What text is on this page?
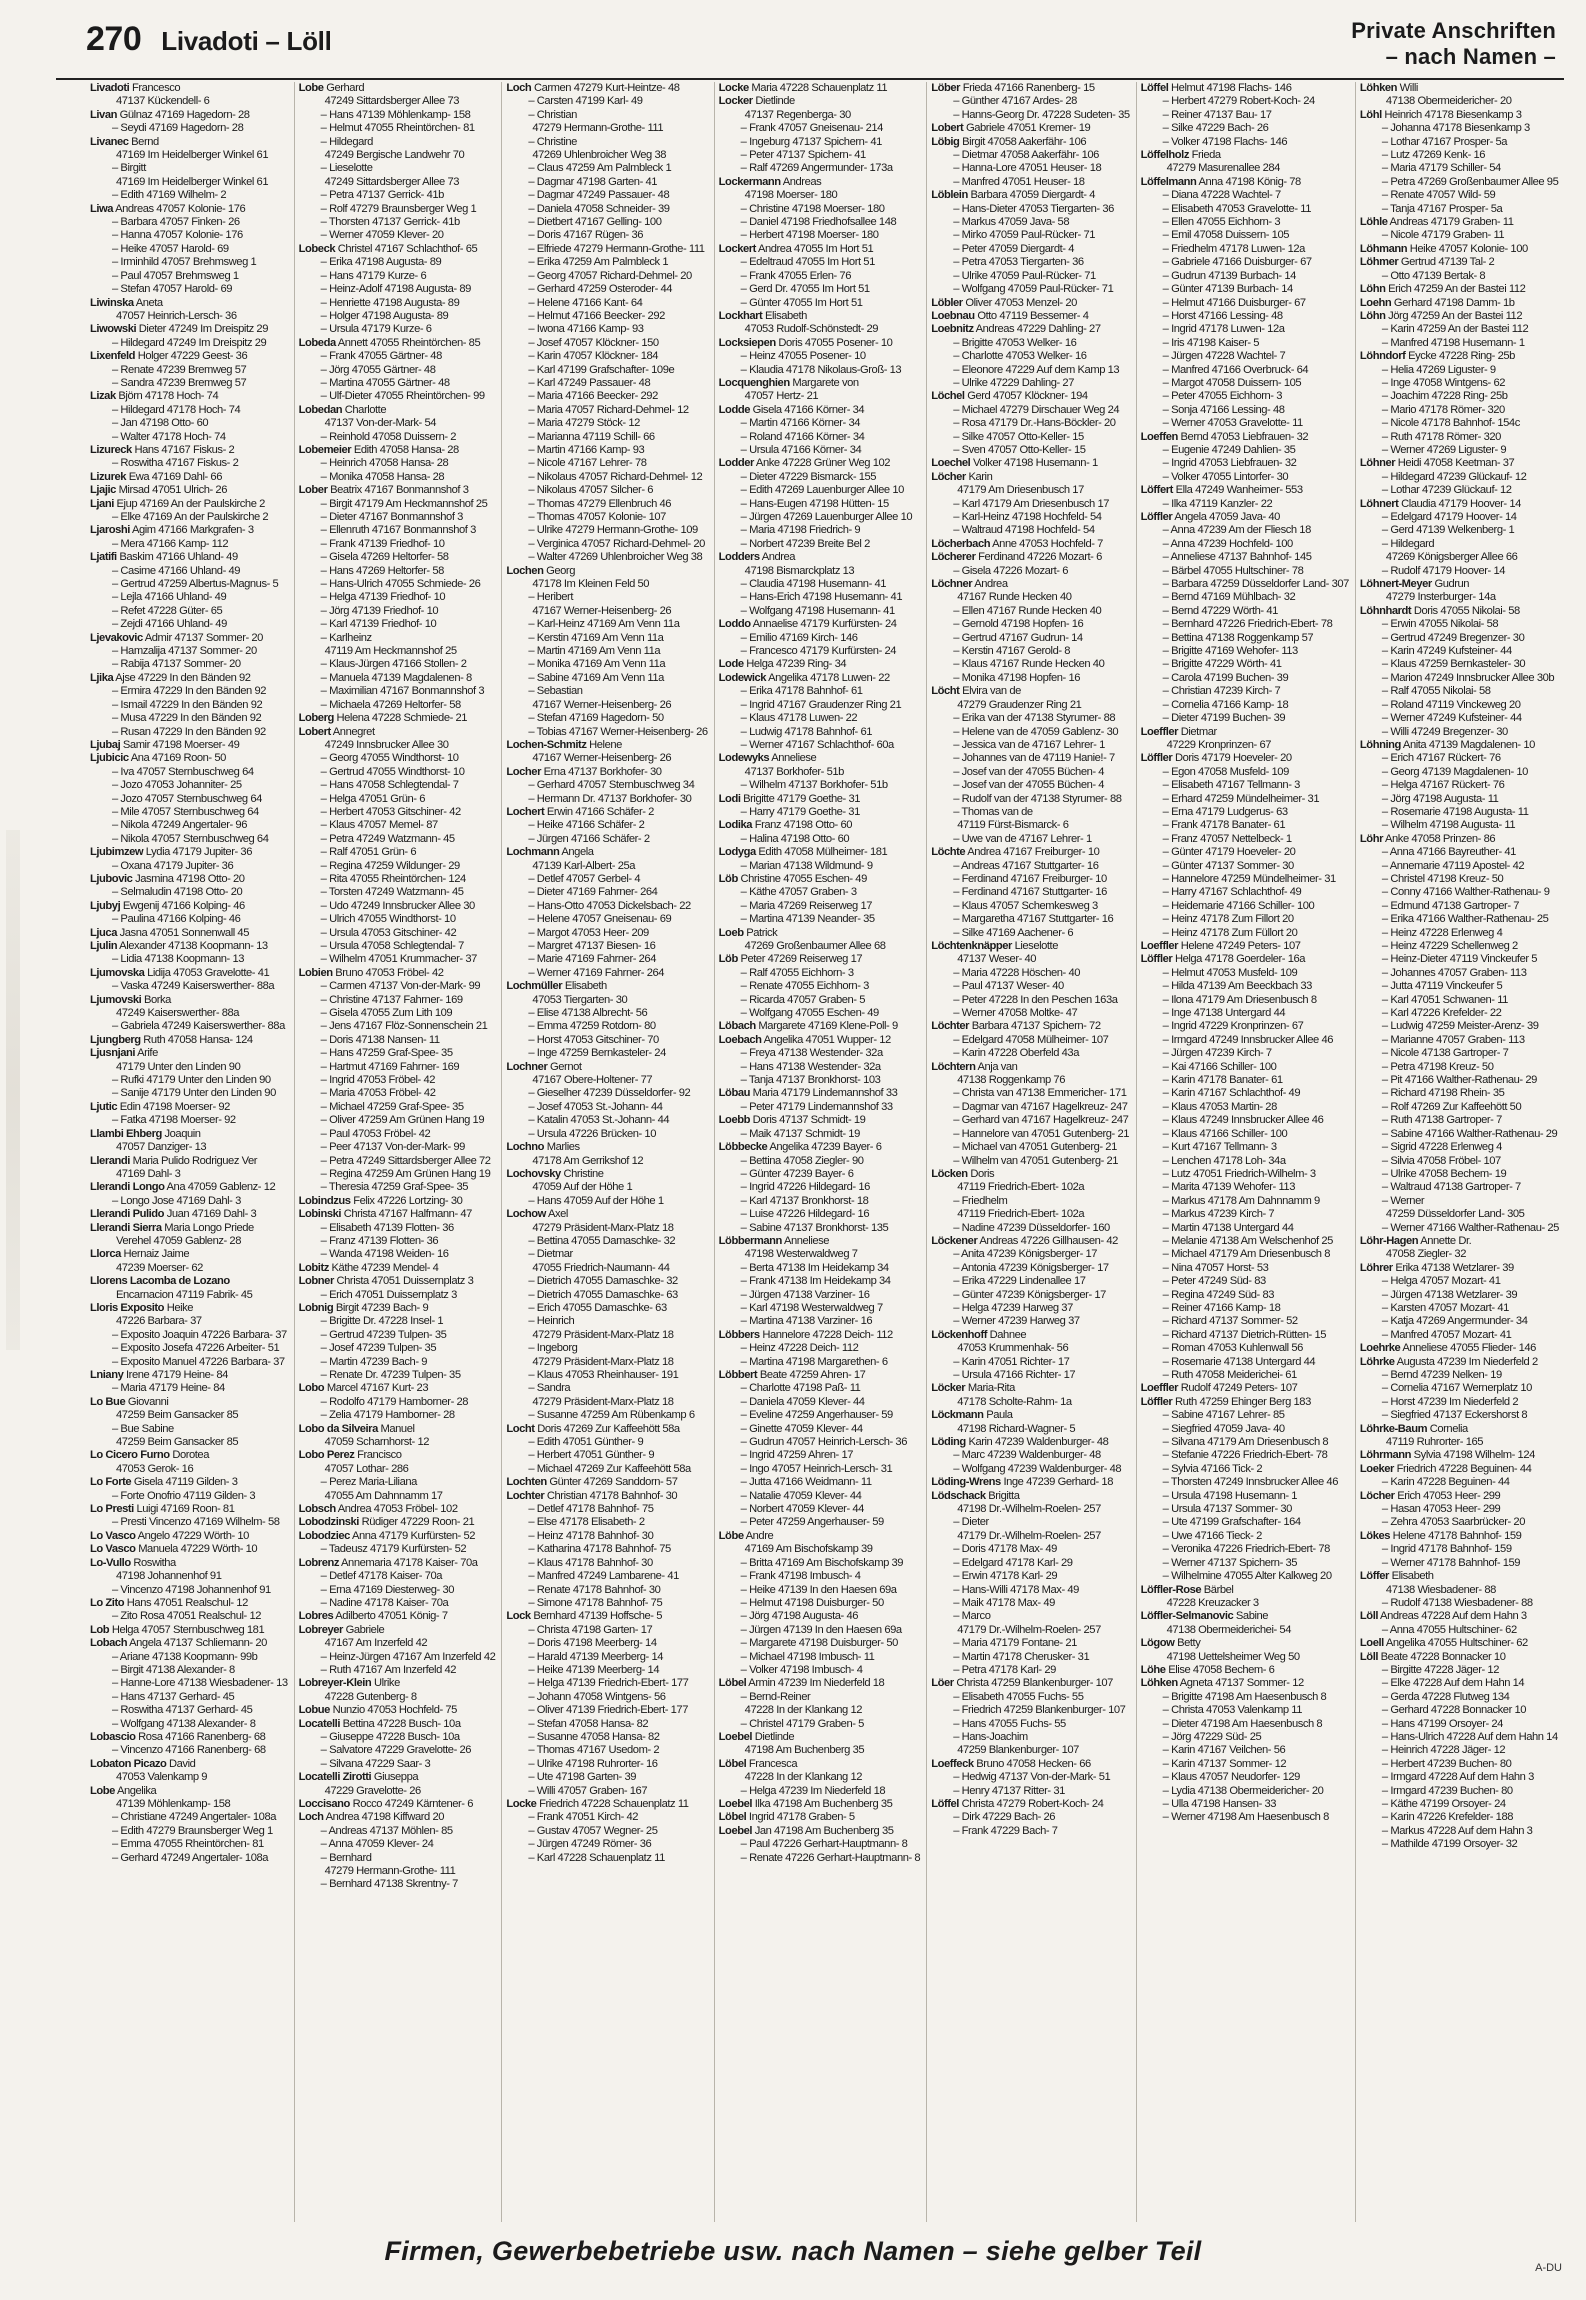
270 Livadoti – Löll	Private Anschriften
– nach Namen –
Livadoti Francesco
47137 Kückendell- 6
Livan Gülnaz 47169 Hagedorn- 28
– Seydi 47169 Hagedorn- 28
Livanec Bernd
47169 Im Heidelberger Winkel 61
– Birgitt
47169 Im Heidelberger Winkel 61
– Edith 47169 Wilhelm- 2
Liwa Andreas 47057 Kolonie- 176
– Barbara 47057 Finken- 26
– Hanna 47057 Kolonie- 176
– Heike 47057 Harold- 69
– Irminhild 47057 Brehmsweg 1
– Paul 47057 Brehmsweg 1
– Stefan 47057 Harold- 69
Liwinska Aneta
47057 Heinrich-Lersch- 36
Liwowski Dieter 47249 Im Dreispitz 29
– Hildegard 47249 Im Dreispitz 29
Lixenfeld Holger 47229 Geest- 36
– Renate 47239 Bremweg 57
– Sandra 47239 Bremweg 57
Lizak Björn 47178 Hoch- 74
– Hildegard 47178 Hoch- 74
– Jan 47198 Otto- 60
– Walter 47178 Hoch- 74
Lizureck Hans 47167 Fiskus- 2
– Roswitha 47167 Fiskus- 2
Lizurek Ewa 47169 Dahl- 66
Ljajic Mirsad 47051 Ulrich- 26
Ljani Ejup 47169 An der Paulskirche 2
– Elke 47169 An der Paulskirche 2
Ljaroshi Agim 47166 Markgrafen- 3
– Mera 47166 Kamp- 112
Ljatifi Baskim 47166 Uhland- 49
– Casime 47166 Uhland- 49
– Gertrud 47259 Albertus-Magnus- 5
– Lejla 47166 Uhland- 49
– Refet 47228 Güter- 65
– Zejdi 47166 Uhland- 49
Ljevakovic Admir 47137 Sommer- 20
– Hamzalija 47137 Sommer- 20
– Rabija 47137 Sommer- 20
Ljika Ajse 47229 In den Bänden 92
– Ermira 47229 In den Bänden 92
– Ismail 47229 In den Bänden 92
– Musa 47229 In den Bänden 92
– Rusan 47229 In den Bänden 92
Ljubaj Samir 47198 Moerser- 49
Ljubicic Ana 47169 Roon- 50
– Iva 47057 Sternbuschweg 64
– Jozo 47053 Johanniter- 25
– Jozo 47057 Sternbuschweg 64
– Mile 47057 Sternbuschweg 64
– Nikola 47249 Angertaler- 96
– Nikola 47057 Sternbuschweg 64
Ljubimzew Lydia 47179 Jupiter- 36
– Oxana 47179 Jupiter- 36
Ljubovic Jasmina 47198 Otto- 20
– Selmaludin 47198 Otto- 20
Ljubyj Ewgenij 47166 Kolping- 46
– Paulina 47166 Kolping- 46
Ljuca Jasna 47051 Sonnenwall 45
Ljulin Alexander 47138 Koopmann- 13
– Lidia 47138 Koopmann- 13
Ljumovska Lidija 47053 Gravelotte- 41
– Vaska 47249 Kaiserswerther- 88a
Ljumovski Borka
47249 Kaiserswerther- 88a
– Gabriela 47249 Kaiserswerther- 88a
Ljungberg Ruth 47058 Hansa- 124
Ljusnjani Arife
47179 Unter den Linden 90
– Rufki 47179 Unter den Linden 90
– Sanije 47179 Unter den Linden 90
Ljutic Edin 47198 Moerser- 92
– Fatka 47198 Moerser- 92
Llambi Ehberg Joaquin
47057 Danziger- 13
Llerandi Maria Pulido Rodriguez Ver
47169 Dahl- 3
Llerandi Longo Ana 47059 Gablenz- 12
– Longo Jose 47169 Dahl- 3
Llerandi Pulido Juan 47169 Dahl- 3
Llerandi Sierra Maria Longo Priede
Verehel 47059 Gablenz- 28
Llorca Hernaiz Jaime
47239 Moerser- 62
Llorens Lacomba de Lozano
Encarnacion 47119 Fabrik- 45
Lloris Exposito Heike
47226 Barbara- 37
– Exposito Joaquin 47226 Barbara- 37
– Exposito Josefa 47226 Arbeiter- 51
– Exposito Manuel 47226 Barbara- 37
Lniany Irene 47179 Heine- 84
– Maria 47179 Heine- 84
Lo Bue Giovanni
47259 Beim Gansacker 85
– Bue Sabine
47259 Beim Gansacker 85
Lo Cicero Furno Dorotea
47053 Gerok- 16
Lo Forte Gisela 47119 Gilden- 3
– Forte Onofrio 47119 Gilden- 3
Lo Presti Luigi 47169 Roon- 81
– Presti Vincenzo 47169 Wilhelm- 58
Lo Vasco Angelo 47229 Wörth- 10
Lo Vasco Manuela 47229 Wörth- 10
Lo-Vullo Roswitha
47198 Johannenhof 91
– Vincenzo 47198 Johannenhof 91
Lo Zito Hans 47051 Realschul- 12
– Zito Rosa 47051 Realschul- 12
Lob Helga 47057 Sternbuschweg 181
Lobach Angela 47137 Schliemann- 20
– Ariane 47138 Koopmann- 99b
– Birgit 47138 Alexander- 8
– Hanne-Lore 47138 Wiesbadener- 13
– Hans 47137 Gerhard- 45
– Roswitha 47137 Gerhard- 45
– Wolfgang 47138 Alexander- 8
Lobascio Rosa 47166 Ranenberg- 68
– Vincenzo 47166 Ranenberg- 68
Lobaton Picazo David
47053 Valenkamp 9
Lobe Angelika
47139 Möhlenkamp- 158
– Christiane 47249 Angertaler- 108a
– Edith 47279 Braunsberger Weg 1
– Emma 47055 Rheintörchen- 81
– Gerhard 47249 Angertaler- 108a
Lobe Gerhard
47249 Sittardsberger Allee 73
– Hans 47139 Möhlenkamp- 158
– Helmut 47055 Rheintörchen- 81
– Hildegard
47249 Bergische Landwehr 70
– Lieselotte
47249 Sittardsberger Allee 73
– Petra 47137 Gerrick- 41b
– Rolf 47279 Braunsberger Weg 1
– Thorsten 47137 Gerrick- 41b
– Werner 47059 Klever- 20
Lobeck Christel 47167 Schlachthof- 65
– Erika 47198 Augusta- 89
– Hans 47179 Kurze- 6
– Heinz-Adolf 47198 Augusta- 89
– Henriette 47198 Augusta- 89
– Holger 47198 Augusta- 89
– Ursula 47179 Kurze- 6
Lobeda Annett 47055 Rheintörchen- 85
– Frank 47055 Gärtner- 48
– Jörg 47055 Gärtner- 48
– Martina 47055 Gärtner- 48
– Ulf-Dieter 47055 Rheintörchen- 99
Lobedan Charlotte
47137 Von-der-Mark- 54
– Reinhold 47058 Duissern- 2
Lobemeier Edith 47058 Hansa- 28
– Heinrich 47058 Hansa- 28
– Monika 47058 Hansa- 28
Lober Beatrix 47167 Bonmannshof 3
– Birgit 47179 Am Heckmannshof 25
– Dieter 47167 Bonmannshof 3
– Ellenruth 47167 Bonmannshof 3
– Frank 47139 Friedhof- 10
– Gisela 47269 Heltorfer- 58
– Hans 47269 Heltorfer- 58
– Hans-Ulrich 47055 Schmiede- 26
– Helga 47139 Friedhof- 10
– Jörg 47139 Friedhof- 10
– Karl 47139 Friedhof- 10
– Karlheinz
47119 Am Heckmannshof 25
– Klaus-Jürgen 47166 Stollen- 2
– Manuela 47139 Magdalenen- 8
– Maximilian 47167 Bonmannshof 3
– Michaela 47269 Heltorfer- 58
Loberg Helena 47228 Schmiede- 21
Lobert Annegret
47249 Innsbrucker Allee 30
– Georg 47055 Windthorst- 10
– Gertrud 47055 Windthorst- 10
– Hans 47058 Schlegtendal- 7
– Helga 47051 Grün- 6
– Herbert 47053 Gitschiner- 42
– Klaus 47057 Memel- 87
– Petra 47249 Watzmann- 45
– Ralf 47051 Grün- 6
– Regina 47259 Wildunger- 29
– Rita 47055 Rheintörchen- 124
– Torsten 47249 Watzmann- 45
– Udo 47249 Innsbrucker Allee 30
– Ulrich 47055 Windthorst- 10
– Ursula 47053 Gitschiner- 42
– Ursula 47058 Schlegtendal- 7
– Wilhelm 47051 Krummacher- 37
Lobien Bruno 47053 Fröbel- 42
– Carmen 47137 Von-der-Mark- 99
– Christine 47137 Fahrner- 169
– Gisela 47055 Zum Lith 109
– Jens 47167 Flöz-Sonnenschein 21
– Doris 47138 Nansen- 11
– Hans 47259 Graf-Spee- 35
– Hartmut 47169 Fahrner- 169
– Ingrid 47053 Fröbel- 42
– Maria 47053 Fröbel- 42
– Michael 47259 Graf-Spee- 35
– Oliver 47259 Am Grünen Hang 19
– Paul 47053 Fröbel- 42
– Peer 47137 Von-der-Mark- 99
– Petra 47249 Sittardsberger Allee 72
– Regina 47259 Am Grünen Hang 19
– Theresia 47259 Graf-Spee- 35
Lobindzus Felix 47226 Lortzing- 30
Lobinski Christa 47167 Halfmann- 47
– Elisabeth 47139 Flotten- 36
– Franz 47139 Flotten- 36
– Wanda 47198 Weiden- 16
Lobitz Käthe 47239 Mendel- 4
Lobner Christa 47051 Duissernplatz 3
– Erich 47051 Duissernplatz 3
Lobnig Birgit 47239 Bach- 9
– Brigitte Dr. 47228 Insel- 1
– Gertrud 47239 Tulpen- 35
– Josef 47239 Tulpen- 35
– Martin 47239 Bach- 9
– Renate Dr. 47239 Tulpen- 35
Lobo Marcel 47167 Kurt- 23
– Rodolfo 47179 Hamborner- 28
– Zelia 47179 Hamborner- 28
Lobo da Silveira Manuel
47059 Scharnhorst- 12
Lobo Perez Francisco
47057 Lothar- 286
– Perez Maria-Liliana
47055 Am Dahnnamm 17
Lobsch Andrea 47053 Fröbel- 102
Lobodzinski Rüdiger 47229 Roon- 21
Lobodziec Anna 47179 Kurfürsten- 52
– Tadeusz 47179 Kurfürsten- 52
Lobrenz Annemaria 47178 Kaiser- 70a
– Detlef 47178 Kaiser- 70a
– Erna 47169 Diesterweg- 30
– Nadine 47178 Kaiser- 70a
Lobres Adilberto 47051 König- 7
Lobreyer Gabriele
47167 Am Inzerfeld 42
– Heinz-Jürgen 47167 Am Inzerfeld 42
– Ruth 47167 Am Inzerfeld 42
Lobreyer-Klein Ulrike
47228 Gutenberg- 8
Lobue Nunzio 47053 Hochfeld- 75
Locatelli Bettina 47228 Busch- 10a
– Giuseppe 47228 Busch- 10a
– Salvatore 47229 Gravelotte- 26
– Silvana 47229 Saar- 3
Locatelli Zirotti Giuseppa
47229 Gravelotte- 26
Loccisano Rocco 47249 Kärntener- 6
Loch Andrea 47198 Kiffward 20
– Andreas 47137 Möhlen- 85
– Anna 47059 Klever- 24
– Bernhard
47279 Hermann-Grothe- 111
– Bernhard 47138 Skrentny- 7
Loch Carmen 47279 Kurt-Heintze- 48
– Carsten 47199 Karl- 49
– Christian
47279 Hermann-Grothe- 111
– Christine
47269 Uhlenbroicher Weg 38
– Claus 47259 Am Palmbleck 1
– Dagmar 47198 Garten- 41
– Dagmar 47249 Passauer- 48
– Daniela 47058 Schneider- 39
– Dietbert 47167 Gelling- 100
– Doris 47167 Rügen- 36
– Elfriede 47279 Hermann-Grothe- 111
– Erika 47259 Am Palmbleck 1
– Georg 47057 Richard-Dehmel- 20
– Gerhard 47259 Osteroder- 44
– Helene 47166 Kant- 64
– Helmut 47166 Beecker- 292
– Iwona 47166 Kamp- 93
– Josef 47057 Klöckner- 150
– Karin 47057 Klöckner- 184
– Karl 47199 Grafschafter- 109e
– Karl 47249 Passauer- 48
– Maria 47166 Beecker- 292
– Maria 47057 Richard-Dehmel- 12
– Maria 47279 Stöck- 12
– Marianna 47119 Schill- 66
– Martin 47166 Kamp- 93
– Nicole 47167 Lehrer- 78
– Nikolaus 47057 Richard-Dehmel- 12
– Nikolaus 47057 Silcher- 6
– Thomas 47279 Ellenbruch 46
– Thomas 47057 Kolonie- 107
– Ulrike 47279 Hermann-Grothe- 109
– Verginica 47057 Richard-Dehmel- 20
– Walter 47269 Uhlenbroicher Weg 38
Lochen Georg
47178 Im Kleinen Feld 50
– Heribert
47167 Werner-Heisenberg- 26
– Karl-Heinz 47169 Am Venn 11a
– Kerstin 47169 Am Venn 11a
– Martin 47169 Am Venn 11a
– Monika 47169 Am Venn 11a
– Sabine 47169 Am Venn 11a
– Sebastian
47167 Werner-Heisenberg- 26
– Stefan 47169 Hagedorn- 50
– Tobias 47167 Werner-Heisenberg- 26
Lochen-Schmitz Helene
47167 Werner-Heisenberg- 26
Locher Erna 47137 Borkhofer- 30
– Gerhard 47057 Sternbuschweg 34
– Hermann Dr. 47137 Borkhofer- 30
Lochert Erwin 47166 Schäfer- 2
– Heike 47166 Schäfer- 2
– Jürgen 47166 Schäfer- 2
Lochmann Angela
47139 Karl-Albert- 25a
– Detlef 47057 Gerbel- 4
– Dieter 47169 Fahrner- 264
– Hans-Otto 47053 Dickelsbach- 22
– Helene 47057 Gneisenau- 69
– Margot 47053 Heer- 209
– Margret 47137 Biesen- 16
– Marie 47169 Fahrner- 264
– Werner 47169 Fahrner- 264
Lochmüller Elisabeth
47053 Tiergarten- 30
– Elise 47138 Albrecht- 56
– Emma 47259 Rotdorn- 80
– Horst 47053 Gitschiner- 70
– Inge 47259 Bernkasteler- 24
Lochner Gernot
47167 Obere-Holtener- 77
– Gieselher 47239 Düsseldorfer- 92
– Josef 47053 St.-Johann- 44
– Katalin 47053 St.-Johann- 44
– Ursula 47226 Brücken- 10
Lochno Marlies
47178 Am Gerrikshof 12
Lochovsky Christine
47059 Auf der Höhe 1
– Hans 47059 Auf der Höhe 1
Lochow Axel
47279 Präsident-Marx-Platz 18
– Bettina 47055 Damaschke- 32
– Dietmar
47055 Friedrich-Naumann- 44
– Dietrich 47055 Damaschke- 32
– Dietrich 47055 Damaschke- 63
– Erich 47055 Damaschke- 63
– Heinrich
47279 Präsident-Marx-Platz 18
– Ingeborg
47279 Präsident-Marx-Platz 18
– Klaus 47053 Rheinhauser- 191
– Sandra
47279 Präsident-Marx-Platz 18
– Susanne 47259 Am Rübenkamp 6
Locht Doris 47269 Zur Kaffeehött 58a
– Edith 47051 Günther- 9
– Herbert 47051 Günther- 9
– Michael 47269 Zur Kaffeehött 58a
Lochten Günter 47269 Sanddorn- 57
Lochter Christian 47178 Bahnhof- 30
– Detlef 47178 Bahnhof- 75
– Else 47178 Elisabeth- 2
– Heinz 47178 Bahnhof- 30
– Katharina 47178 Bahnhof- 75
– Klaus 47178 Bahnhof- 30
– Manfred 47249 Lambarene- 41
– Renate 47178 Bahnhof- 30
– Simone 47178 Bahnhof- 75
Lock Bernhard 47139 Hoffsche- 5
– Christa 47198 Garten- 17
– Doris 47198 Meerberg- 14
– Harald 47139 Meerberg- 14
– Heike 47139 Meerberg- 14
– Helga 47139 Friedrich-Ebert- 177
– Johann 47058 Wintgens- 56
– Oliver 47139 Friedrich-Ebert- 177
– Stefan 47058 Hansa- 82
– Susanne 47058 Hansa- 82
– Thomas 47167 Usedom- 2
– Ulrike 47198 Ruhrorter- 16
– Ute 47198 Garten- 39
– Willi 47057 Graben- 167
Locke Friedrich 47228 Schauenplatz 11
– Frank 47051 Kirch- 42
– Gustav 47057 Wegner- 25
– Jürgen 47249 Römer- 36
– Karl 47228 Schauenplatz 11
Locke Maria 47228 Schauenplatz 11
Locker Dietlinde
47137 Regenberga- 30
– Frank 47057 Gneisenau- 214
– Ingeburg 47137 Spichern- 41
– Peter 47137 Spichern- 41
– Ralf 47269 Angermunder- 173a
Lockermann Andreas
47198 Moerser- 180
– Christine 47198 Moerser- 180
– Daniel 47198 Friedhofsallee 148
– Herbert 47198 Moerser- 180
Lockert Andrea 47055 Im Hort 51
– Edeltraud 47055 Im Hort 51
– Frank 47055 Erlen- 76
– Gerd Dr. 47055 Im Hort 51
– Günter 47055 Im Hort 51
Lockhart Elisabeth
47053 Rudolf-Schönstedt- 29
Locksiepen Doris 47055 Posener- 10
– Heinz 47055 Posener- 10
– Klaudia 47178 Nikolaus-Groß- 13
Locquenghien Margarete von
47057 Hertz- 21
Lodde Gisela 47166 Körner- 34
– Martin 47166 Körner- 34
– Roland 47166 Körner- 34
– Ursula 47166 Körner- 34
Lodder Anke 47228 Grüner Weg 102
– Dieter 47229 Bismarck- 155
– Edith 47269 Lauenburger Allee 10
– Hans-Eugen 47198 Hütten- 15
– Jürgen 47269 Lauenburger Allee 10
– Maria 47198 Friedrich- 9
– Norbert 47239 Breite Bel 2
Lodders Andrea
47198 Bismarckplatz 13
– Claudia 47198 Husemann- 41
– Hans-Erich 47198 Husemann- 41
– Wolfgang 47198 Husemann- 41
Loddo Annaelise 47179 Kurfürsten- 24
– Emilio 47169 Kirch- 146
– Francesco 47179 Kurfürsten- 24
Lode Helga 47239 Ring- 34
Lodewick Angelika 47178 Luwen- 22
– Erika 47178 Bahnhof- 61
– Ingrid 47167 Graudenzer Ring 21
– Klaus 47178 Luwen- 22
– Ludwig 47178 Bahnhof- 61
– Werner 47167 Schlachthof- 60a
Lodewyks Anneliese
47137 Borkhofer- 51b
– Wilhelm 47137 Borkhofer- 51b
Lodi Brigitte 47179 Goethe- 31
– Harry 47179 Goethe- 31
Lodika Franz 47198 Otto- 60
– Halina 47198 Otto- 60
Lodyga Edith 47058 Mülheimer- 181
– Marian 47138 Wildmund- 9
Löb Christine 47055 Eschen- 49
– Käthe 47057 Graben- 3
– Maria 47269 Reiserweg 17
– Martina 47139 Neander- 35
Loeb Patrick
47269 Großenbaumer Allee 68
Löb Peter 47269 Reiserweg 17
– Ralf 47055 Eichhorn- 3
– Renate 47055 Eichhorn- 3
– Ricarda 47057 Graben- 5
– Wolfgang 47055 Eschen- 49
Löbach Margarete 47169 Klene-Poll- 9
Loebach Angelika 47051 Wupper- 12
– Freya 47138 Westender- 32a
– Hans 47138 Westender- 32a
– Tanja 47137 Bronkhorst- 103
Löbau Maria 47179 Lindemannshof 33
– Peter 47179 Lindemannshof 33
Loebb Doris 47137 Schmidt- 19
– Maik 47137 Schmidt- 19
Löbbecke Angelika 47239 Bayer- 6
– Bettina 47058 Ziegler- 90
– Günter 47239 Bayer- 6
– Ingrid 47226 Hildegard- 16
– Karl 47137 Bronkhorst- 18
– Luise 47226 Hildegard- 16
– Sabine 47137 Bronkhorst- 135
Löbbermann Anneliese
47198 Westerwaldweg 7
– Berta 47138 Im Heidekamp 34
– Frank 47138 Im Heidekamp 34
– Jürgen 47138 Varziner- 16
– Karl 47198 Westerwaldweg 7
– Martina 47138 Varziner- 16
Löbbers Hannelore 47228 Deich- 112
– Heinz 47228 Deich- 112
– Martina 47198 Margarethen- 6
Löbbert Beate 47259 Ahren- 17
– Charlotte 47198 Paß- 11
– Daniela 47059 Klever- 44
– Eveline 47259 Angerhauser- 59
– Ginette 47059 Klever- 44
– Gudrun 47057 Heinrich-Lersch- 36
– Ingrid 47259 Ahren- 17
– Ingo 47057 Heinrich-Lersch- 31
– Jutta 47166 Weidmann- 11
– Natalie 47059 Klever- 44
– Norbert 47059 Klever- 44
– Peter 47259 Angerhauser- 59
Löbe Andre
47169 Am Bischofskamp 39
– Britta 47169 Am Bischofskamp 39
– Frank 47198 Imbusch- 4
– Heike 47139 In den Haesen 69a
– Helmut 47198 Duisburger- 50
– Jörg 47198 Augusta- 46
– Jürgen 47139 In den Haesen 69a
– Margarete 47198 Duisburger- 50
– Michael 47198 Imbusch- 11
– Volker 47198 Imbusch- 4
Löbel Armin 47239 Im Niederfeld 18
– Bernd-Reiner
47228 In der Klankang 12
– Christel 47179 Graben- 5
Loebel Dietlinde
47198 Am Buchenberg 35
Löbel Francesca
47228 In der Klankang 12
– Helga 47239 Im Niederfeld 18
Loebel Ilka 47198 Am Buchenberg 35
Löbel Ingrid 47178 Graben- 5
Loebel Jan 47198 Am Buchenberg 35
– Paul 47226 Gerhart-Hauptmann- 8
– Renate 47226 Gerhart-Hauptmann- 8
Löber Frieda 47166 Ranenberg- 15
– Günther 47167 Ardes- 28
– Hanns-Georg Dr. 47228 Sudeten- 35
Lobert Gabriele 47051 Kremer- 19
Löbig Birgit 47058 Aakerfähr- 106
– Dietmar 47058 Aakerfähr- 106
– Hanna-Lore 47051 Heuser- 18
– Manfred 47051 Heuser- 18
Löblein Barbara 47059 Diergardt- 4
– Hans-Dieter 47053 Tiergarten- 36
– Markus 47059 Java- 58
– Mirko 47059 Paul-Rücker- 71
– Peter 47059 Diergardt- 4
– Petra 47053 Tiergarten- 36
– Ulrike 47059 Paul-Rücker- 71
– Wolfgang 47059 Paul-Rücker- 71
Löbler Oliver 47053 Menzel- 20
Loebnau Otto 47119 Bessemer- 4
Loebnitz Andreas 47229 Dahling- 27
– Brigitte 47053 Welker- 16
– Charlotte 47053 Welker- 16
– Eleonore 47229 Auf dem Kamp 13
– Ulrike 47229 Dahling- 27
Löchel Gerd 47057 Klöckner- 194
– Michael 47279 Dirschauer Weg 24
– Rosa 47179 Dr.-Hans-Böckler- 20
– Silke 47057 Otto-Keller- 15
– Sven 47057 Otto-Keller- 15
Loechel Volker 47198 Husemann- 1
Löcher Karin
47179 Am Driesenbusch 17
– Karl 47179 Am Driesenbusch 17
– Karl-Heinz 47198 Hochfeld- 54
– Waltraud 47198 Hochfeld- 54
Löcherbach Anne 47053 Hochfeld- 7
Löcherer Ferdinand 47226 Mozart- 6
– Gisela 47226 Mozart- 6
Löchner Andrea
47167 Runde Hecken 40
– Ellen 47167 Runde Hecken 40
– Gernold 47198 Hopfen- 16
– Gertrud 47167 Gudrun- 14
– Kerstin 47167 Gerold- 8
– Klaus 47167 Runde Hecken 40
– Monika 47198 Hopfen- 16
Löcht Elvira van de
47279 Graudenzer Ring 21
– Erika van der 47138 Styrumer- 88
– Helene van de 47059 Gablenz- 30
– Jessica van de 47167 Lehrer- 1
– Johannes van de 47119 Hanie!- 7
– Josef van der 47055 Büchen- 4
– Josef van der 47055 Büchen- 4
– Rudolf van der 47138 Styrumer- 88
– Thomas van de
47119 Fürst-Bismarck- 6
– Uwe van de 47167 Lehrer- 1
Löchte Andrea 47167 Freiburger- 10
– Andreas 47167 Stuttgarter- 16
– Ferdinand 47167 Freiburger- 10
– Ferdinand 47167 Stuttgarter- 16
– Klaus 47057 Schemkesweg 3
– Margaretha 47167 Stuttgarter- 16
– Silke 47169 Aachener- 6
Löchtenknäpper Lieselotte
47137 Weser- 40
– Maria 47228 Höschen- 40
– Paul 47137 Weser- 40
– Peter 47228 In den Peschen 163a
– Werner 47058 Moltke- 47
Löchter Barbara 47137 Spichern- 72
– Edelgard 47058 Mülheimer- 107
– Karin 47228 Oberfeld 43a
Löchtern Anja van
47138 Roggenkamp 76
– Christa van 47138 Emmericher- 171
– Dagmar van 47167 Hagelkreuz- 247
– Gerhard van 47167 Hagelkreuz- 247
– Hannelore van 47051 Gutenberg- 21
– Michael van 47051 Gutenberg- 21
– Wilhelm van 47051 Gutenberg- 21
Löcken Doris
47119 Friedrich-Ebert- 102a
– Friedhelm
47119 Friedrich-Ebert- 102a
– Nadine 47239 Düsseldorfer- 160
Löckener Andreas 47226 Gillhausen- 42
– Anita 47239 Königsberger- 17
– Antonia 47239 Königsberger- 17
– Erika 47229 Lindenallee 17
– Günter 47239 Königsberger- 17
– Helga 47239 Harweg 37
– Werner 47239 Harweg 37
Löckenhoff Dahnee
47053 Krummenhak- 56
– Karin 47051 Richter- 17
– Ursula 47166 Richter- 17
Löcker Maria-Rita
47178 Scholte-Rahm- 1a
Löckmann Paula
47198 Richard-Wagner- 5
Löding Karin 47239 Waldenburger- 48
– Marc 47239 Waldenburger- 48
– Wolfgang 47239 Waldenburger- 48
Löding-Wrens Inge 47239 Gerhard- 18
Lödschack Brigitta
47198 Dr.-Wilhelm-Roelen- 257
– Dieter
47179 Dr.-Wilhelm-Roelen- 257
– Doris 47178 Max- 49
– Edelgard 47178 Karl- 29
– Erwin 47178 Karl- 29
– Hans-Willi 47178 Max- 49
– Maik 47178 Max- 49
– Marco
47179 Dr.-Wilhelm-Roelen- 257
– Maria 47179 Fontane- 21
– Martin 47178 Cherusker- 31
– Petra 47178 Karl- 29
Löer Christa 47259 Blankenburger- 107
– Elisabeth 47055 Fuchs- 55
– Friedrich 47259 Blankenburger- 107
– Hans 47055 Fuchs- 55
– Hans-Joachim
47259 Blankenburger- 107
Loeffeck Bruno 47058 Hecken- 66
– Hedwig 47137 Von-der-Mark- 51
– Henry 47137 Ritter- 31
Löffel Christa 47279 Robert-Koch- 24
– Dirk 47229 Bach- 26
– Frank 47229 Bach- 7
Löffel Helmut 47198 Flachs- 146
– Herbert 47279 Robert-Koch- 24
– Reiner 47137 Bau- 17
– Silke 47229 Bach- 26
– Volker 47198 Flachs- 146
Löffelholz Frieda
47279 Masurenallee 284
Löffelmann Anna 47198 König- 78
– Diana 47228 Wachtel- 7
– Elisabeth 47053 Gravelotte- 11
– Ellen 47055 Eichhorn- 3
– Emil 47058 Duissern- 105
– Friedhelm 47178 Luwen- 12a
– Gabriele 47166 Duisburger- 67
– Gudrun 47139 Burbach- 14
– Günter 47139 Burbach- 14
– Helmut 47166 Duisburger- 67
– Horst 47166 Lessing- 48
– Ingrid 47178 Luwen- 12a
– Iris 47198 Kaiser- 5
– Jürgen 47228 Wachtel- 7
– Manfred 47166 Overbruck- 64
– Margot 47058 Duissern- 105
– Peter 47055 Eichhorn- 3
– Sonja 47166 Lessing- 48
– Werner 47053 Gravelotte- 11
Loeffen Bernd 47053 Liebfrauen- 32
– Eugenie 47249 Dahlien- 35
– Ingrid 47053 Liebfrauen- 32
– Volker 47055 Lintorfer- 30
Löffert Ella 47249 Wanheimer- 553
– Ilka 47119 Kanzler- 22
Löffler Angela 47059 Java- 40
– Anna 47239 Am der Fliesch 18
– Anna 47239 Hochfeld- 100
– Anneliese 47137 Bahnhof- 145
– Bärbel 47055 Hultschiner- 78
– Barbara 47259 Düsseldorfer Land- 307
– Bernd 47169 Mühlbach- 32
– Bernd 47229 Wörth- 41
– Bernhard 47226 Friedrich-Ebert- 78
– Bettina 47138 Roggenkamp 57
– Brigitte 47169 Wehofer- 113
– Brigitte 47229 Wörth- 41
– Carola 47199 Buchen- 39
– Christian 47239 Kirch- 7
– Cornelia 47166 Kamp- 18
– Dieter 47199 Buchen- 39
Loeffler Dietmar
47229 Kronprinzen- 67
Löffler Doris 47179 Hoeveler- 20
– Egon 47058 Musfeld- 109
– Elisabeth 47167 Tellmann- 3
– Erhard 47259 Mündelheimer- 31
– Erna 47179 Ludgerus- 63
– Frank 47178 Banater- 61
– Franz 47057 Nettelbeck- 1
– Günter 47179 Hoeveler- 20
– Günter 47137 Sommer- 30
– Hannelore 47259 Mündelheimer- 31
– Harry 47167 Schlachthof- 49
– Heidemarie 47166 Schiller- 100
– Heinz 47178 Zum Fillort 20
– Heinz 47178 Zum Füllort 20
Loeffler Helene 47249 Peters- 107
Löffler Helga 47178 Goerdeler- 16a
– Helmut 47053 Musfeld- 109
– Hilda 47139 Am Beeckbach 33
– Ilona 47179 Am Driesenbusch 8
– Inge 47138 Untergard 44
– Ingrid 47229 Kronprinzen- 67
– Irmgard 47249 Innsbrucker Allee 46
– Jürgen 47239 Kirch- 7
– Kai 47166 Schiller- 100
– Karin 47178 Banater- 61
– Karin 47167 Schlachthof- 49
– Klaus 47053 Martin- 28
– Klaus 47249 Innsbrucker Allee 46
– Klaus 47166 Schiller- 100
– Kurt 47167 Tellmann- 3
– Lenchen 47178 Loh- 34a
– Lutz 47051 Friedrich-Wilhelm- 3
– Marita 47139 Wehofer- 113
– Markus 47178 Am Dahnnamm 9
– Markus 47239 Kirch- 7
– Martin 47138 Untergard 44
– Melanie 47138 Am Welschenhof 25
– Michael 47179 Am Driesenbusch 8
– Nina 47057 Horst- 53
– Peter 47249 Süd- 83
– Regina 47249 Süd- 83
– Reiner 47166 Kamp- 18
– Richard 47137 Sommer- 52
– Richard 47137 Dietrich-Rütten- 15
– Roman 47053 Kuhlenwall 56
– Rosemarie 47138 Untergard 44
– Ruth 47058 Meiderichei- 61
Loeffler Rudolf 47249 Peters- 107
Löffler Ruth 47259 Ehinger Berg 183
– Sabine 47167 Lehrer- 85
– Siegfried 47059 Java- 40
– Silvana 47179 Am Driesenbusch 8
– Stefanie 47226 Friedrich-Ebert- 78
– Sylvia 47166 Tick- 2
– Thorsten 47249 Innsbrucker Allee 46
– Ursula 47198 Husemann- 1
– Ursula 47137 Sommer- 30
– Ute 47199 Grafschafter- 164
– Uwe 47166 Tieck- 2
– Veronika 47226 Friedrich-Ebert- 78
– Werner 47137 Spichern- 35
– Wilhelmine 47055 Alter Kalkweg 20
Löffler-Rose Bärbel
47228 Kreuzacker 3
Löffler-Selmanovic Sabine
47138 Obermeiderichei- 54
Lögow Betty
47198 Uettelsheimer Weg 50
Löhe Elise 47058 Bechem- 6
Löhken Agneta 47137 Sommer- 12
– Brigitte 47198 Am Haesenbusch 8
– Christa 47053 Valenkamp 11
– Dieter 47198 Am Haesenbusch 8
– Jörg 47229 Süd- 25
– Karin 47167 Veilchen- 56
– Karin 47137 Sommer- 12
– Klaus 47057 Neudorfer- 129
– Lydia 47138 Obermeidericher- 20
– Ulla 47198 Hansen- 33
– Werner 47198 Am Haesenbusch 8
Löhken Willi
47138 Obermeidericher- 20
Löhl Heinrich 47178 Biesenkamp 3
– Johanna 47178 Biesenkamp 3
– Lothar 47167 Prosper- 5a
– Lutz 47269 Kenk- 16
– Maria 47179 Schiller- 54
– Petra 47269 Großenbaumer Allee 95
– Renate 47057 Wild- 59
– Tanja 47167 Prosper- 5a
Löhle Andreas 47179 Graben- 11
– Nicole 47179 Graben- 11
Löhmann Heike 47057 Kolonie- 100
Löhmer Gertrud 47139 Tal- 2
– Otto 47139 Bertak- 8
Löhn Erich 47259 An der Bastei 112
Loehn Gerhard 47198 Damm- 1b
Löhn Jörg 47259 An der Bastei 112
– Karin 47259 An der Bastei 112
– Manfred 47198 Husemann- 1
Löhndorf Eycke 47228 Ring- 25b
– Helia 47269 Liguster- 9
– Inge 47058 Wintgens- 62
– Joachim 47228 Ring- 25b
– Mario 47178 Römer- 320
– Nicole 47178 Bahnhof- 154c
– Ruth 47178 Römer- 320
– Werner 47269 Liguster- 9
Löhner Heidi 47058 Keetman- 37
– Hildegard 47239 Glückauf- 12
– Lothar 47239 Glückauf- 12
Löhnert Claudia 47179 Hoover- 14
– Edelgard 47179 Hoover- 14
– Gerd 47139 Welkenberg- 1
– Hildegard
47269 Königsberger Allee 66
– Rudolf 47179 Hoover- 14
Löhnert-Meyer Gudrun
47279 Insterburger- 14a
Löhnhardt Doris 47055 Nikolai- 58
– Erwin 47055 Nikolai- 58
– Gertrud 47249 Bregenzer- 30
– Karin 47249 Kufsteiner- 44
– Klaus 47259 Bernkasteler- 30
– Marion 47249 Innsbrucker Allee 30b
– Ralf 47055 Nikolai- 58
– Roland 47119 Vinckeweg 20
– Werner 47249 Kufsteiner- 44
– Willi 47249 Bregenzer- 30
Löhning Anita 47139 Magdalenen- 10
– Erich 47167 Rückert- 76
– Georg 47139 Magdalenen- 10
– Helga 47167 Rückert- 76
– Jörg 47198 Augusta- 11
– Rosemarie 47198 Augusta- 11
– Wilhelm 47198 Augusta- 11
Löhr Anke 47058 Prinzen- 86
– Anna 47166 Bayreuther- 41
– Annemarie 47119 Apostel- 42
– Christel 47198 Kreuz- 50
– Conny 47166 Walther-Rathenau- 9
– Edmund 47138 Gartroper- 7
– Erika 47166 Walther-Rathenau- 25
– Heinz 47228 Erlenweg 4
– Heinz 47229 Schellenweg 2
– Heinz-Dieter 47119 Vinckeufer 5
– Johannes 47057 Graben- 113
– Jutta 47119 Vinckeufer 5
– Karl 47051 Schwanen- 11
– Karl 47226 Krefelder- 22
– Ludwig 47259 Meister-Arenz- 39
– Marianne 47057 Graben- 113
– Nicole 47138 Gartroper- 7
– Petra 47198 Kreuz- 50
– Pit 47166 Walther-Rathenau- 29
– Richard 47198 Rhein- 35
– Rolf 47269 Zur Kaffeehött 50
– Ruth 47138 Gartroper- 7
– Sabine 47166 Walther-Rathenau- 29
– Sigrid 47228 Erlenweg 4
– Silvia 47058 Fröbel- 107
– Ulrike 47058 Bechem- 19
– Waltraud 47138 Gartroper- 7
– Werner
47259 Düsseldorfer Land- 305
– Werner 47166 Walther-Rathenau- 25
Löhr-Hagen Annette Dr.
47058 Ziegler- 32
Löhrer Erika 47138 Wetzlarer- 39
– Helga 47057 Mozart- 41
– Jürgen 47138 Wetzlarer- 39
– Karsten 47057 Mozart- 41
– Katja 47269 Angermunder- 34
– Manfred 47057 Mozart- 41
Loehrke Anneliese 47055 Flieder- 146
Löhrke Augusta 47239 Im Niederfeld 2
– Bernd 47239 Nelken- 19
– Cornelia 47167 Wernerplatz 10
– Horst 47239 Im Niederfeld 2
– Siegfried 47137 Eckershorst 8
Löhrke-Baum Cornelia
47119 Ruhrorter- 165
Löhrmann Sylvia 47198 Wilhelm- 124
Loeker Friedrich 47228 Beguinen- 44
– Karin 47228 Beguinen- 44
Löcher Erich 47053 Heer- 299
– Hasan 47053 Heer- 299
– Zehra 47053 Saarbrücker- 20
Lökes Helene 47178 Bahnhof- 159
– Ingrid 47178 Bahnhof- 159
– Werner 47178 Bahnhof- 159
Löffer Elisabeth
47138 Wiesbadener- 88
– Rudolf 47138 Wiesbadener- 88
Löll Andreas 47228 Auf dem Hahn 3
– Anna 47055 Hultschiner- 62
Loell Angelika 47055 Hultschiner- 62
Löll Beate 47228 Bonnacker 10
– Birgitte 47228 Jäger- 12
– Elke 47228 Auf dem Hahn 14
– Gerda 47228 Flutweg 134
– Gerhard 47228 Bonnacker 10
– Hans 47199 Orsoyer- 24
– Hans-Ulrich 47228 Auf dem Hahn 14
– Heinrich 47228 Jäger- 12
– Herbert 47239 Buchen- 80
– Irmgard 47228 Auf dem Hahn 3
– Irmgard 47239 Buchen- 80
– Käthe 47199 Orsoyer- 24
– Karin 47226 Krefelder- 188
– Markus 47228 Auf dem Hahn 3
– Mathilde 47199 Orsoyer- 32
Firmen, Gewerbebetriebe usw. nach Namen – siehe gelber Teil
A-DU
